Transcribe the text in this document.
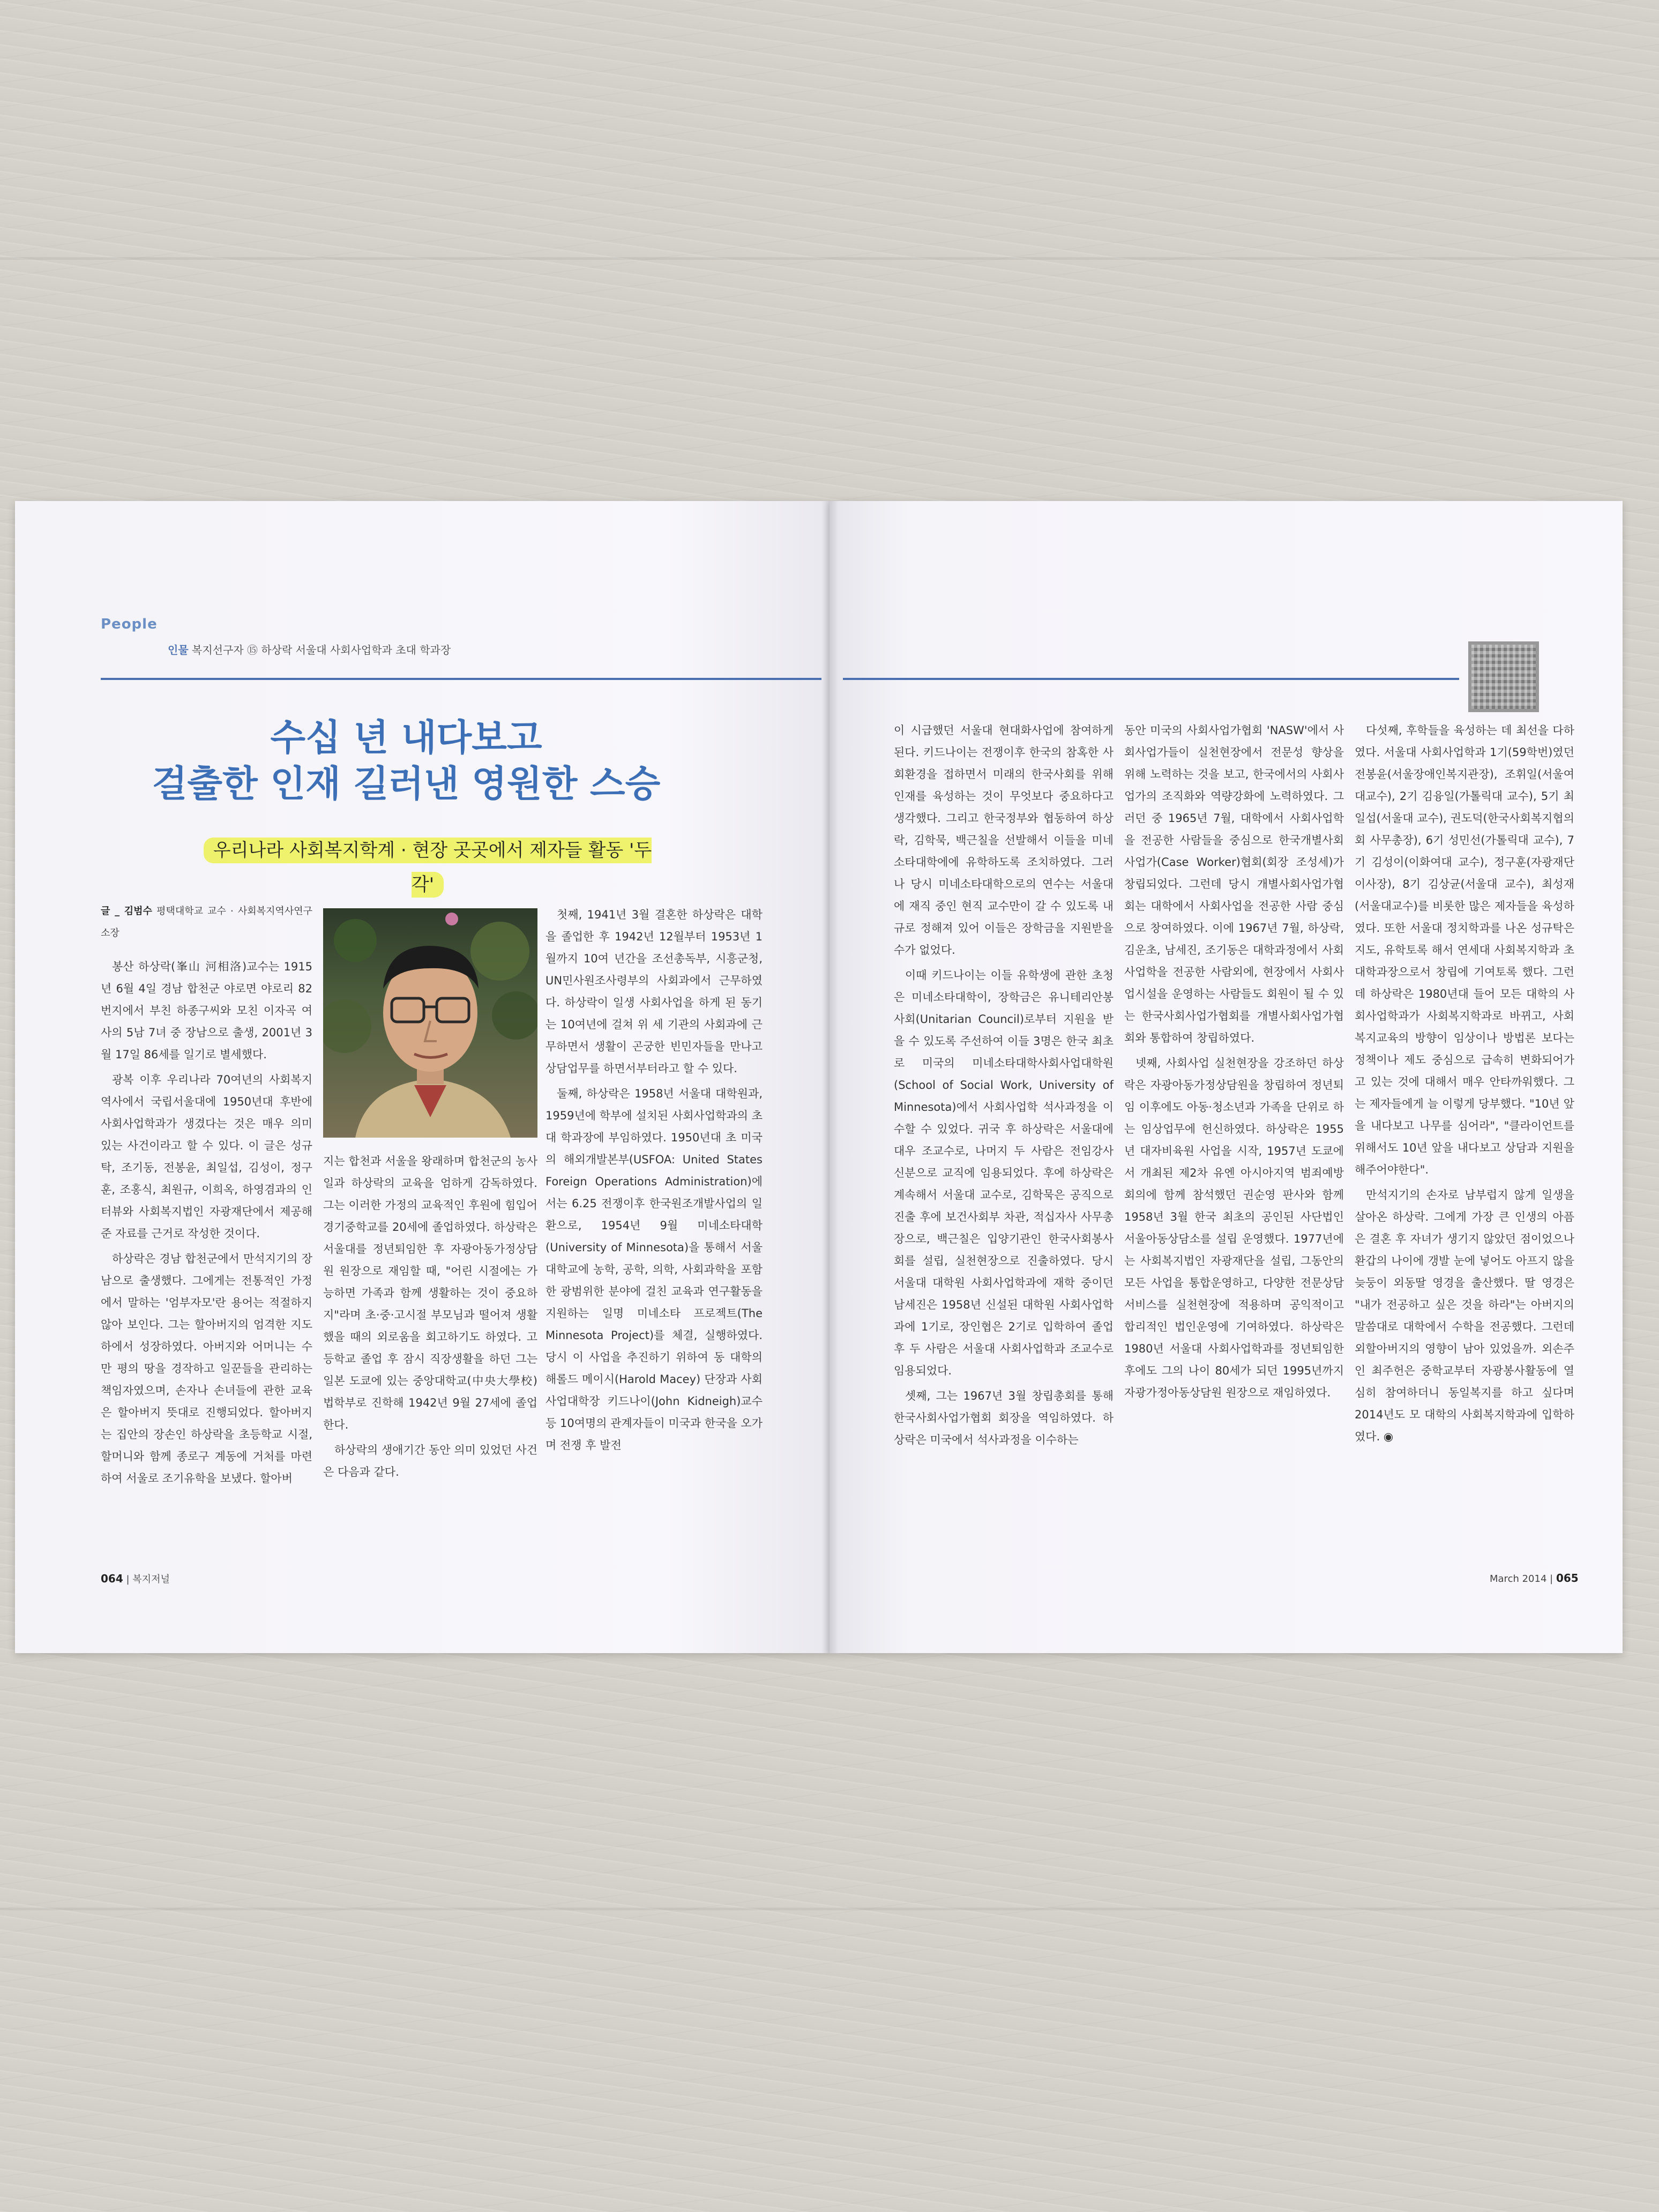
People
인물 복지선구자 ⑮ 하상락 서울대 사회사업학과 초대 학과장
수십 년 내다보고
걸출한 인재 길러낸 영원한 스승
우리나라 사회복지학계 · 현장 곳곳에서 제자들 활동 '두각'
글 _ 김범수 평택대학교 교수 · 사회복지역사연구소장

봉산 하상락(峯山 河相洛)교수는 1915년 6월 4일 경남 합천군 야로면 야로리 82번지에서 부친 하종구씨와 모친 이자곡 여사의 5남 7녀 중 장남으로 출생, 2001년 3월 17일 86세를 일기로 별세했다.

광복 이후 우리나라 70여년의 사회복지 역사에서 국립서울대에 1950년대 후반에 사회사업학과가 생겼다는 것은 매우 의미 있는 사건이라고 할 수 있다. 이 글은 성규탁, 조기동, 전봉윤, 최일섭, 김성이, 정구훈, 조홍식, 최원규, 이희옥, 하영겸과의 인터뷰와 사회복지법인 자광재단에서 제공해준 자료를 근거로 작성한 것이다.

하상락은 경남 합천군에서 만석지기의 장남으로 출생했다. 그에게는 전통적인 가정에서 말하는 '엄부자모'란 용어는 적절하지 않아 보인다. 그는 할아버지의 엄격한 지도하에서 성장하였다. 아버지와 어머니는 수만 평의 땅을 경작하고 일꾼들을 관리하는 책임자였으며, 손자나 손녀들에 관한 교육은 할아버지 뜻대로 진행되었다. 할아버지는 집안의 장손인 하상락을 초등학교 시절, 할머니와 함께 종로구 계동에 거처를 마련하여 서울로 조기유학을 보냈다. 할아버

지는 합천과 서울을 왕래하며 합천군의 농사일과 하상락의 교육을 엄하게 감독하였다. 그는 이러한 가정의 교육적인 후원에 힘입어 경기중학교를 20세에 졸업하였다. 하상락은 서울대를 정년퇴임한 후 자광아동가정상담원 원장으로 재임할 때, "어린 시절에는 가능하면 가족과 함께 생활하는 것이 중요하지"라며 초·중·고시절 부모님과 떨어져 생활했을 때의 외로움을 회고하기도 하였다. 고등학교 졸업 후 잠시 직장생활을 하던 그는 일본 도쿄에 있는 중앙대학교(中央大學校) 법학부로 진학해 1942년 9월 27세에 졸업한다.

하상락의 생애기간 동안 의미 있었던 사건은 다음과 같다.

첫째, 1941년 3월 결혼한 하상락은 대학을 졸업한 후 1942년 12월부터 1953년 1월까지 10여 년간을 조선총독부, 시흥군청, UN민사원조사령부의 사회과에서 근무하였다. 하상락이 일생 사회사업을 하게 된 동기는 10여년에 걸쳐 위 세 기관의 사회과에 근무하면서 생활이 곤궁한 빈민자들을 만나고 상담업무를 하면서부터라고 할 수 있다.

둘째, 하상락은 1958년 서울대 대학원과, 1959년에 학부에 설치된 사회사업학과의 초대 학과장에 부임하였다. 1950년대 초 미국의 해외개발본부(USFOA: United States Foreign Operations Administration)에서는 6.25 전쟁이후 한국원조개발사업의 일환으로, 1954년 9월 미네소타대학(University of Minnesota)을 통해서 서울대학교에 농학, 공학, 의학, 사회과학을 포함한 광범위한 분야에 걸친 교육과 연구활동을 지원하는 일명 미네소타 프로젝트(The Minnesota Project)를 체결, 실행하였다. 당시 이 사업을 추진하기 위하여 동 대학의 해롤드 메이시(Harold Macey) 단장과 사회사업대학장 키드나이(John Kidneigh)교수 등 10여명의 관계자들이 미국과 한국을 오가며 전쟁 후 발전

이 시급했던 서울대 현대화사업에 참여하게 된다. 키드나이는 전쟁이후 한국의 참혹한 사회환경을 접하면서 미래의 한국사회를 위해 인재를 육성하는 것이 무엇보다 중요하다고 생각했다. 그리고 한국정부와 협동하여 하상락, 김학묵, 백근칠을 선발해서 이들을 미네소타대학에에 유학하도록 조치하였다. 그러나 당시 미네소타대학으로의 연수는 서울대에 재직 중인 현직 교수만이 갈 수 있도록 내규로 정해져 있어 이들은 장학금을 지원받을 수가 없었다.

이때 키드나이는 이들 유학생에 관한 초청은 미네소타대학이, 장학금은 유니테리안봉사회(Unitarian Council)로부터 지원을 받을 수 있도록 주선하여 이들 3명은 한국 최초로 미국의 미네소타대학사회사업대학원(School of Social Work, University of Minnesota)에서 사회사업학 석사과정을 이수할 수 있었다. 귀국 후 하상락은 서울대에 대우 조교수로, 나머지 두 사람은 전임강사 신분으로 교직에 임용되었다. 후에 하상락은 계속해서 서울대 교수로, 김학묵은 공직으로 진출 후에 보건사회부 차관, 적십자사 사무총장으로, 백근칠은 입양기관인 한국사회봉사회를 설립, 실천현장으로 진출하였다. 당시 서울대 대학원 사회사업학과에 재학 중이던 남세진은 1958년 신설된 대학원 사회사업학과에 1기로, 장인협은 2기로 입학하여 졸업 후 두 사람은 서울대 사회사업학과 조교수로 임용되었다.

셋째, 그는 1967년 3월 창립총회를 통해 한국사회사업가협회 회장을 역임하였다. 하상락은 미국에서 석사과정을 이수하는

동안 미국의 사회사업가협회 'NASW'에서 사회사업가들이 실천현장에서 전문성 향상을 위해 노력하는 것을 보고, 한국에서의 사회사업가의 조직화와 역량강화에 노력하였다. 그러던 중 1965년 7월, 대학에서 사회사업학을 전공한 사람들을 중심으로 한국개별사회사업가(Case Worker)협회(회장 조성세)가 창립되었다. 그런데 당시 개별사회사업가협회는 대학에서 사회사업을 전공한 사람 중심으로 창여하였다. 이에 1967년 7월, 하상락, 김운초, 남세진, 조기동은 대학과정에서 사회사업학을 전공한 사람외에, 현장에서 사회사업시설을 운영하는 사람들도 회원이 될 수 있는 한국사회사업가협회를 개별사회사업가협회와 통합하여 창립하였다.

넷째, 사회사업 실천현장을 강조하던 하상락은 자광아동가정상담원을 창립하여 정년퇴임 이후에도 아동·청소년과 가족을 단위로 하는 임상업무에 헌신하였다. 하상락은 1955년 대자비육원 사업을 시작, 1957년 도쿄에서 개최된 제2차 유엔 아시아지역 범죄예방회의에 함께 참석했던 권순영 판사와 함께 1958년 3월 한국 최초의 공인된 사단법인 서울아동상담소를 설립 운영했다. 1977년에는 사회복지법인 자광재단을 설립, 그동안의 모든 사업을 통합운영하고, 다양한 전문상담서비스를 실천현장에 적용하며 공익적이고 합리적인 법인운영에 기여하였다. 하상락은 1980년 서울대 사회사업학과를 정년퇴임한 후에도 그의 나이 80세가 되던 1995년까지 자광가정아동상담원 원장으로 재임하였다.

다섯째, 후학들을 육성하는 데 최선을 다하였다. 서울대 사회사업학과 1기(59학번)였던 전봉윤(서울장애인복지관장), 조휘일(서울여대교수), 2기 김융일(가톨릭대 교수), 5기 최일섭(서울대 교수), 권도덕(한국사회복지협의회 사무총장), 6기 성민선(가톨릭대 교수), 7기 김성이(이화여대 교수), 정구훈(자광재단 이사장), 8기 김상균(서울대 교수), 최성재(서울대교수)를 비롯한 많은 제자들을 육성하였다. 또한 서울대 정치학과를 나온 성규탁은 지도, 유학토록 해서 연세대 사회복지학과 초대학과장으로서 창립에 기여토록 했다. 그런데 하상락은 1980년대 들어 모든 대학의 사회사업학과가 사회복지학과로 바뀌고, 사회복지교육의 방향이 임상이나 방법론 보다는 정책이나 제도 중심으로 급속히 변화되어가고 있는 것에 대해서 매우 안타까워했다. 그는 제자들에게 늘 이렇게 당부했다. "10년 앞을 내다보고 나무를 심어라", "클라이언트를 위해서도 10년 앞을 내다보고 상담과 지원을 해주어야한다".

만석지기의 손자로 남부럽지 않게 일생을 살아온 하상락. 그에게 가장 큰 인생의 아픔은 결혼 후 자녀가 생기지 않았던 점이었으나 환갑의 나이에 갱발 눈에 넣어도 아프지 않을 늦둥이 외동딸 영경을 출산했다. 딸 영경은 "내가 전공하고 싶은 것을 하라"는 아버지의 말씀대로 대학에서 수학을 전공했다. 그런데 외할아버지의 영향이 남아 있었을까. 외손주인 최주헌은 중학교부터 자광봉사활동에 열심히 참여하더니 동일복지를 하고 싶다며 2014년도 모 대학의 사회복지학과에 입학하였다. ◉

064 | 복지저널	March 2014 | 065
